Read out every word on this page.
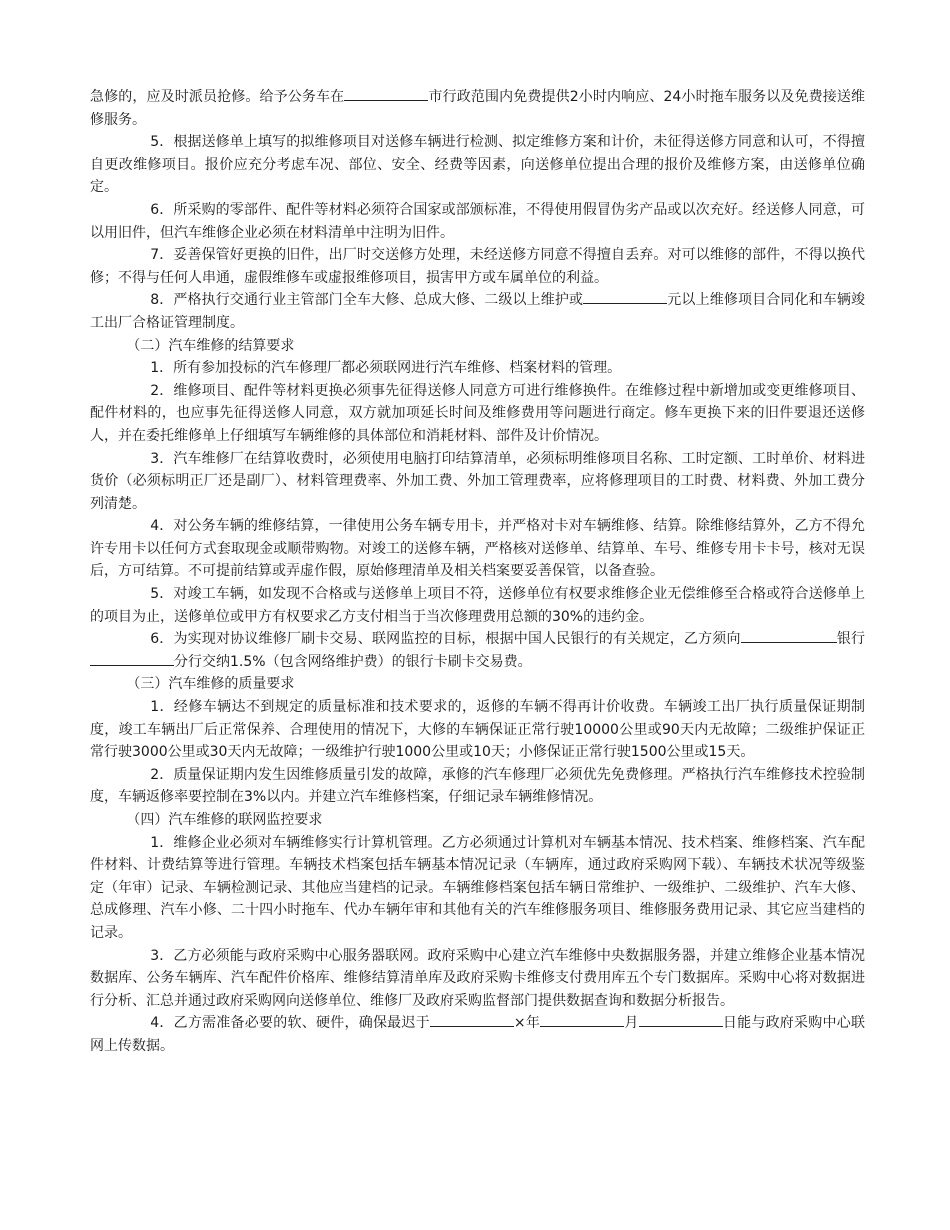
急修的，应及时派员抢修。给予公务车在	市行政范围内免费提供2小时内响应、24小时拖车服务以及免费接送维修服务。

5．根据送修单上填写的拟维修项目对送修车辆进行检测、拟定维修方案和计价，未征得送修方同意和认可，不得擅自更改维修项目。报价应充分考虑车况、部位、安全、经费等因素，向送修单位提出合理的报价及维修方案，由送修单位确定。

6．所采购的零部件、配件等材料必须符合国家或部颁标准，不得使用假冒伪劣产品或以次充好。经送修人同意，可以用旧件，但汽车维修企业必须在材料清单中注明为旧件。

7．妥善保管好更换的旧件，出厂时交送修方处理，未经送修方同意不得擅自丢弃。对可以维修的部件，不得以换代修；不得与任何人串通，虚假维修车或虚报维修项目，损害甲方或车属单位的利益。

8．严格执行交通行业主管部门全车大修、总成大修、二级以上维护或	元以上维修项目合同化和车辆竣工出厂合格证管理制度。

（二）汽车维修的结算要求

1．所有参加投标的汽车修理厂都必须联网进行汽车维修、档案材料的管理。

2．维修项目、配件等材料更换必须事先征得送修人同意方可进行维修换件。在维修过程中新增加或变更维修项目、配件材料的，也应事先征得送修人同意，双方就加项延长时间及维修费用等问题进行商定。修车更换下来的旧件要退还送修人，并在委托维修单上仔细填写车辆维修的具体部位和消耗材料、部件及计价情况。

3．汽车维修厂在结算收费时，必须使用电脑打印结算清单，必须标明维修项目名称、工时定额、工时单价、材料进货价（必须标明正厂还是副厂）、材料管理费率、外加工费、外加工管理费率，应将修理项目的工时费、材料费、外加工费分列清楚。

4．对公务车辆的维修结算，一律使用公务车辆专用卡，并严格对卡对车辆维修、结算。除维修结算外，乙方不得允许专用卡以任何方式套取现金或顺带购物。对竣工的送修车辆，严格核对送修单、结算单、车号、维修专用卡卡号，核对无误后，方可结算。不可提前结算或弄虚作假，原始修理清单及相关档案要妥善保管，以备查验。

5．对竣工车辆，如发现不合格或与送修单上项目不符，送修单位有权要求维修企业无偿维修至合格或符合送修单上的项目为止，送修单位或甲方有权要求乙方支付相当于当次修理费用总额的30%的违约金。

6．为实现对协议维修厂刷卡交易、联网监控的目标，根据中国人民银行的有关规定，乙方须向	银行分行交纳1.5%（包含网络维护费）的银行卡刷卡交易费。

（三）汽车维修的质量要求

1．经修车辆达不到规定的质量标准和技术要求的，返修的车辆不得再计价收费。车辆竣工出厂执行质量保证期制度，竣工车辆出厂后正常保养、合理使用的情况下，大修的车辆保证正常行驶10000公里或90天内无故障；二级维护保证正常行驶3000公里或30天内无故障；一级维护行驶1000公里或10天；小修保证正常行驶1500公里或15天。

2．质量保证期内发生因维修质量引发的故障，承修的汽车修理厂必须优先免费修理。严格执行汽车维修技术控验制度，车辆返修率要控制在3%以内。并建立汽车维修档案，仔细记录车辆维修情况。

（四）汽车维修的联网监控要求

1．维修企业必须对车辆维修实行计算机管理。乙方必须通过计算机对车辆基本情况、技术档案、维修档案、汽车配件材料、计费结算等进行管理。车辆技术档案包括车辆基本情况记录（车辆库，通过政府采购网下载）、车辆技术状况等级鉴定（年审）记录、车辆检测记录、其他应当建档的记录。车辆维修档案包括车辆日常维护、一级维护、二级维护、汽车大修、总成修理、汽车小修、二十四小时拖车、代办车辆年审和其他有关的汽车维修服务项目、维修服务费用记录、其它应当建档的记录。

3．乙方必须能与政府采购中心服务器联网。政府采购中心建立汽车维修中央数据服务器，并建立维修企业基本情况数据库、公务车辆库、汽车配件价格库、维修结算清单库及政府采购卡维修支付费用库五个专门数据库。采购中心将对数据进行分析、汇总并通过政府采购网向送修单位、维修厂及政府采购监督部门提供数据查询和数据分析报告。

4．乙方需准备必要的软、硬件，确保最迟于	×年	月	日能与政府采购中心联网上传数据。
